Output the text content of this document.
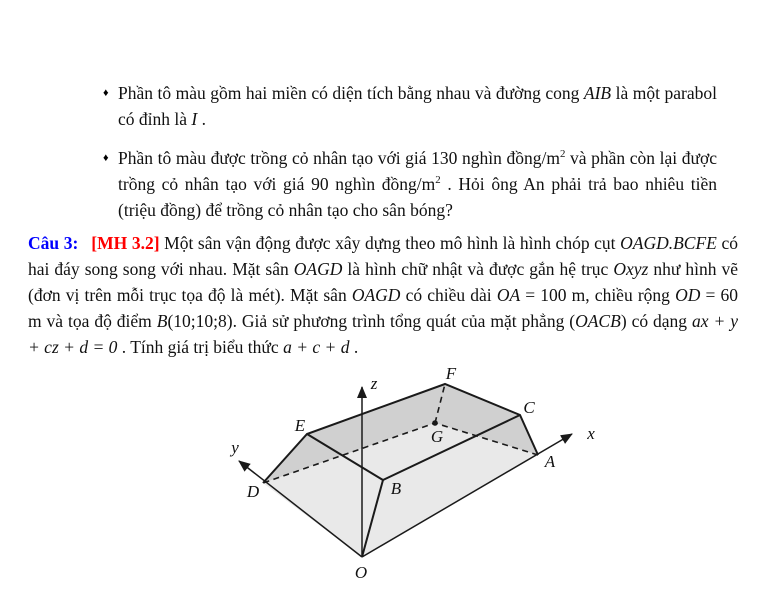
♦ Phần tô màu gồm hai miền có diện tích bằng nhau và đường cong AIB là một parabol có đỉnh là I .
♦ Phần tô màu được trồng cỏ nhân tạo với giá 130 nghìn đồng/$m^2$ và phần còn lại được trồng cỏ nhân tạo với giá 90 nghìn đồng/$m^2$ . Hỏi ông An phải trả bao nhiêu tiền (triệu đồng) để trồng cỏ nhân tạo cho sân bóng?
Câu 3: [MH 3.2] Một sân vận động được xây dựng theo mô hình là hình chóp cụt OAGD.BCFE có hai đáy song song với nhau. Mặt sân OAGD là hình chữ nhật và được gắn hệ trục Oxyz như hình vẽ (đơn vị trên mỗi trục tọa độ là mét). Mặt sân OAGD có chiều dài OA = 100 m, chiều rộng OD = 60 m và tọa độ điểm B(10;10;8). Giả sử phương trình tổng quát của mặt phẳng (OACB) có dạng ax + y + cz + d = 0 . Tính giá trị biểu thức a + c + d .
O
A
B
C
D
E
F
G	x
y
z
